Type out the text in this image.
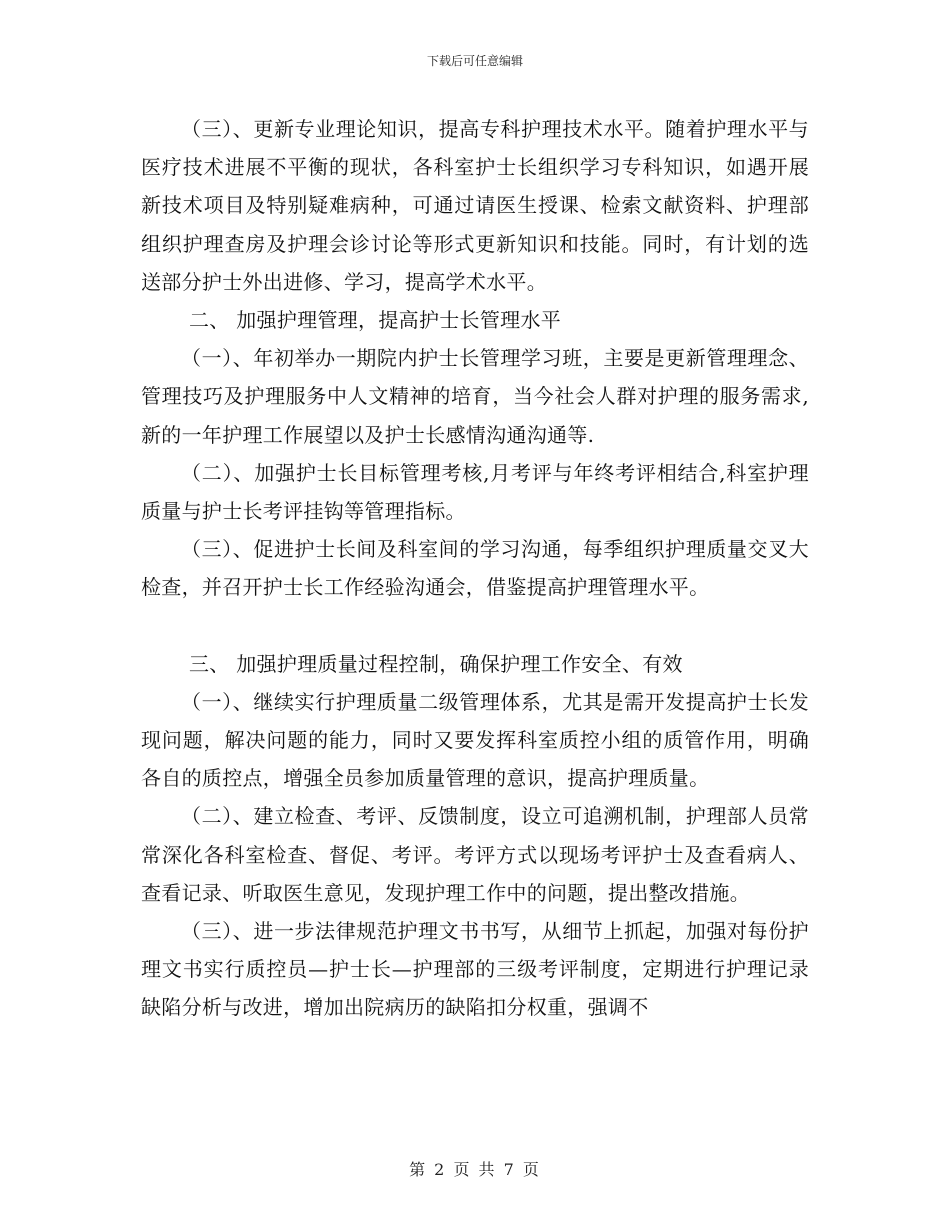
下载后可任意编辑

（三）、更新专业理论知识，提高专科护理技术水平。随着护理水平与医疗技术进展不平衡的现状，各科室护士长组织学习专科知识，如遇开展新技术项目及特别疑难病种，可通过请医生授课、检索文献资料、护理部组织护理查房及护理会诊讨论等形式更新知识和技能。同时，有计划的选送部分护士外出进修、学习，提高学术水平。

二、 加强护理管理，提高护士长管理水平

（一）、年初举办一期院内护士长管理学习班，主要是更新管理理念、管理技巧及护理服务中人文精神的培育，当今社会人群对护理的服务需求,新的一年护理工作展望以及护士长感情沟通沟通等.

（二）、加强护士长目标管理考核,月考评与年终考评相结合,科室护理质量与护士长考评挂钩等管理指标。

（三）、促进护士长间及科室间的学习沟通，每季组织护理质量交叉大检查，并召开护士长工作经验沟通会，借鉴提高护理管理水平。

三、 加强护理质量过程控制，确保护理工作安全、有效

（一）、继续实行护理质量二级管理体系，尤其是需开发提高护士长发现问题，解决问题的能力，同时又要发挥科室质控小组的质管作用，明确各自的质控点，增强全员参加质量管理的意识，提高护理质量。

（二）、建立检查、考评、反馈制度，设立可追溯机制，护理部人员常常深化各科室检查、督促、考评。考评方式以现场考评护士及查看病人、查看记录、听取医生意见，发现护理工作中的问题，提出整改措施。

（三）、进一步法律规范护理文书书写，从细节上抓起，加强对每份护理文书实行质控员—护士长—护理部的三级考评制度，定期进行护理记录缺陷分析与改进，增加出院病历的缺陷扣分权重，强调不

第 2 页 共 7 页
